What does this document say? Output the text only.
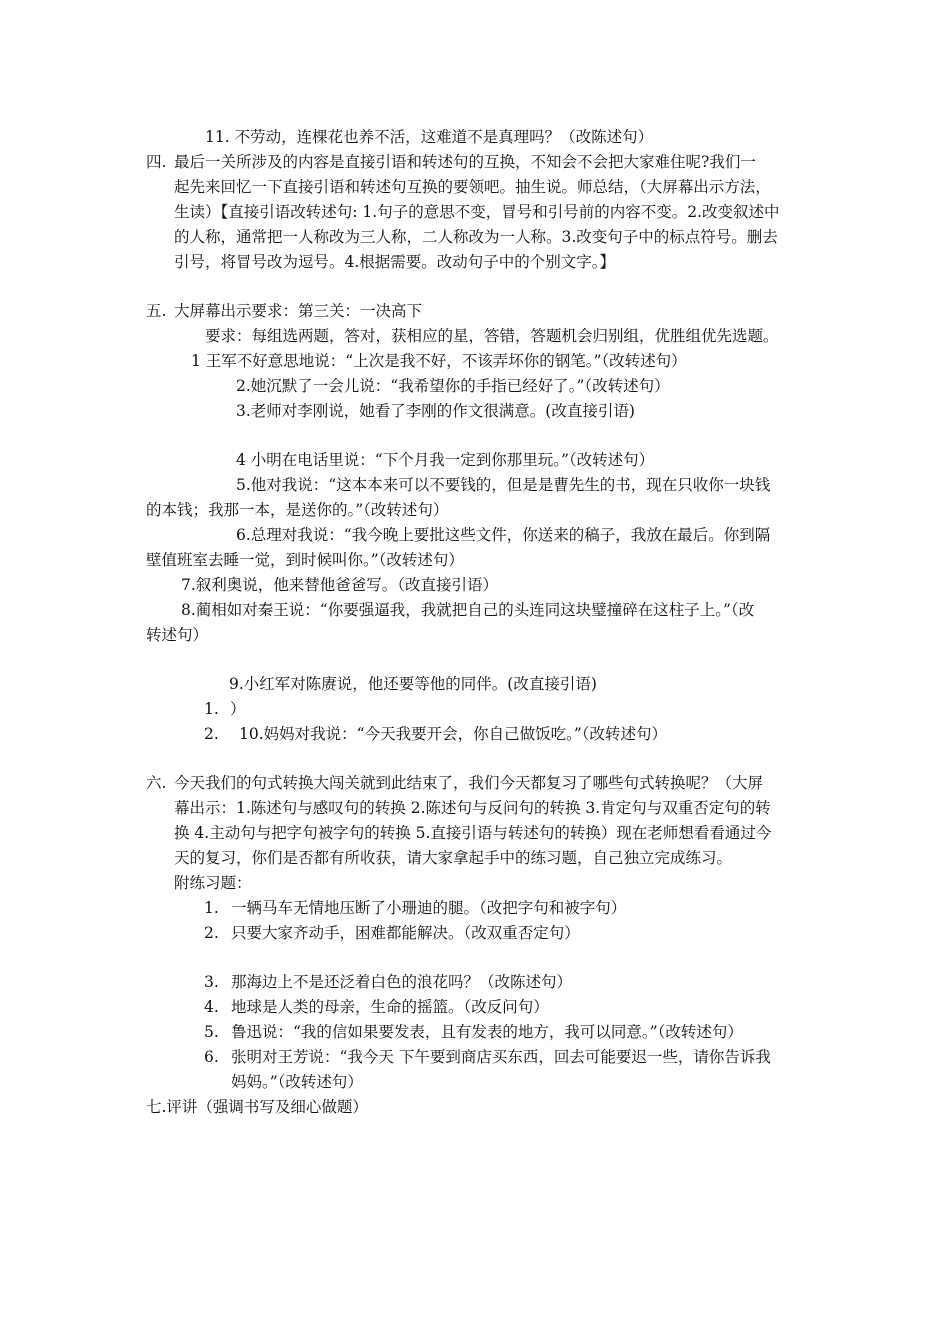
11. 不劳动，连棵花也养不活，这难道不是真理吗？（改陈述句）
四. 最后一关所涉及的内容是直接引语和转述句的互换，不知会不会把大家难住呢?我们一
起先来回忆一下直接引语和转述句互换的要领吧。抽生说。师总结，（大屏幕出示方法，
生读）【直接引语改转述句: 1.句子的意思不变，冒号和引号前的内容不变。2.改变叙述中
的人称，通常把一人称改为三人称，二人称改为一人称。3.改变句子中的标点符号。删去
引号，将冒号改为逗号。4.根据需要。改动句子中的个别文字。】
五. 大屏幕出示要求：第三关：一决高下
要求：每组选两题，答对，获相应的星，答错，答题机会归别组，优胜组优先选题。
1 王军不好意思地说：“上次是我不好，不该弄坏你的钢笔。”（改转述句）
2.她沉默了一会儿说：“我希望你的手指已经好了。”（改转述句）
3.老师对李刚说，她看了李刚的作文很满意。(改直接引语)
4 小明在电话里说：“下个月我一定到你那里玩。”（改转述句）
5.他对我说：“这本本来可以不要钱的，但是是曹先生的书，现在只收你一块钱
的本钱；我那一本，是送你的。”（改转述句）
6.总理对我说：“我今晚上要批这些文件，你送来的稿子，我放在最后。你到隔
壁值班室去睡一觉，到时候叫你。”（改转述句）
7.叙利奥说，他来替他爸爸写。（改直接引语）
8.蔺相如对秦王说：“你要强逼我，我就把自己的头连同这块璧撞碎在这柱子上。”（改
转述句）
9.小红军对陈赓说，他还要等他的同伴。(改直接引语)
1. ）
2. 10.妈妈对我说：“今天我要开会，你自己做饭吃。”（改转述句）
六. 今天我们的句式转换大闯关就到此结束了，我们今天都复习了哪些句式转换呢？（大屏
幕出示：1.陈述句与感叹句的转换 2.陈述句与反问句的转换 3.肯定句与双重否定句的转
换 4.主动句与把字句被字句的转换 5.直接引语与转述句的转换）现在老师想看看通过今
天的复习，你们是否都有所收获，请大家拿起手中的练习题，自己独立完成练习。
附练习题：
1. 一辆马车无情地压断了小珊迪的腿。（改把字句和被字句）
2. 只要大家齐动手，困难都能解决。（改双重否定句）
3. 那海边上不是还泛着白色的浪花吗？（改陈述句）
4. 地球是人类的母亲，生命的摇篮。（改反问句）
5. 鲁迅说：“我的信如果要发表，且有发表的地方，我可以同意。”（改转述句）
6. 张明对王芳说：“我今天 下午要到商店买东西，回去可能要迟一些，请你告诉我
妈妈。”（改转述句）
七.评讲（强调书写及细心做题）
